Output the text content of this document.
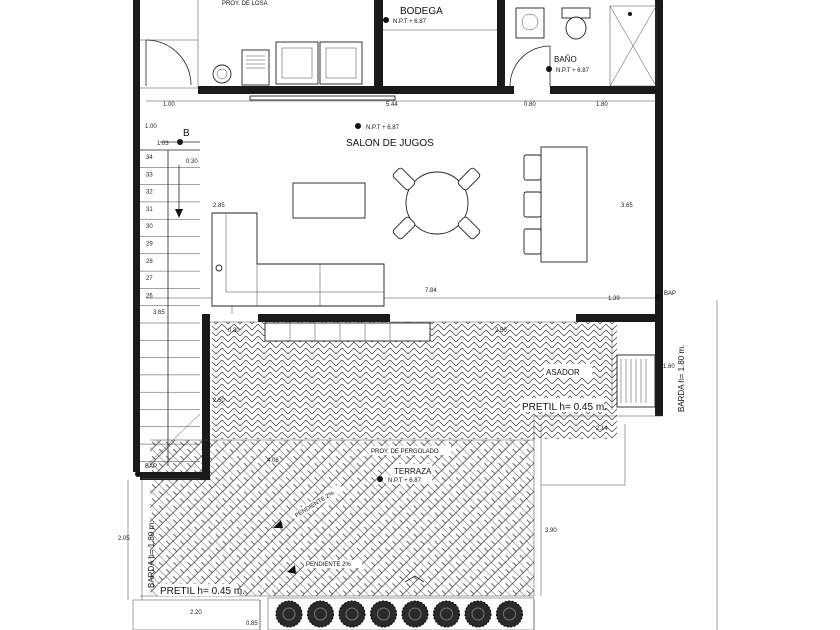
PROY. DE LOSA
BODEGA
N.P.T + 6.87
BAÑO
N.P.T + 6.87
1.00	5.44	0.80	1.80
1.00
1.03
0.30
2.85	3.65
7.84
1.39
3.65
0.30	2.50
1.60
2.14
2.50
4.08
3.90
2.05
2.20
0.85
N.P.T + 6.87
SALON DE JUGOS
34
33
32
31
30
29
28
27
26
B
BAP
BAP
ASADOR
PRETIL h= 0.45 m.	BARDA h= 1.80 m.
PROY. DE PERGOLADO
TERRAZA
N.P.T + 6.87
PENDIENTE 2%
PENDIENTE 2%
PRETIL h= 0.45 m.
BARDA h= 1.80 m.
